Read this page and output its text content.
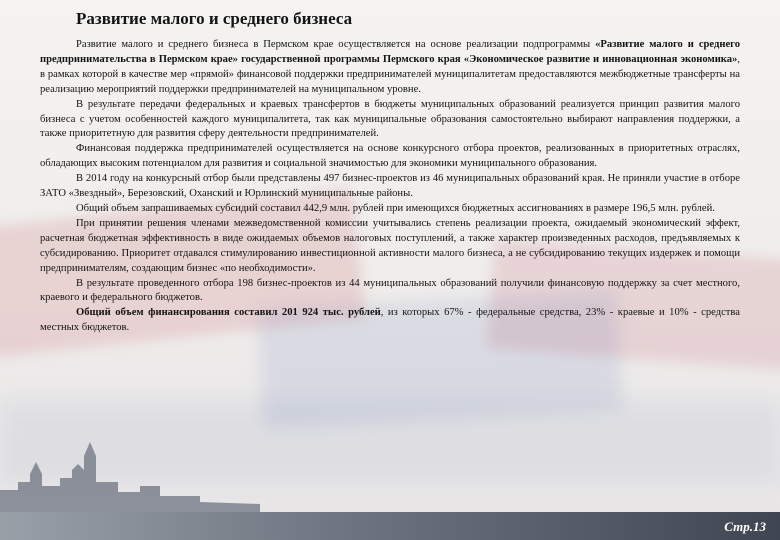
Развитие малого и среднего бизнеса

Развитие малого и среднего бизнеса в Пермском крае осуществляется на основе реализации подпрограммы «Развитие малого и среднего предпринимательства в Пермском крае» государственной программы Пермского края «Экономическое развитие и инновационная экономика», в рамках которой в качестве мер «прямой» финансовой поддержки предпринимателей муниципалитетам предоставляются межбюджетные трансферты на реализацию мероприятий поддержки предпринимателей на муниципальном уровне.

В результате передачи федеральных и краевых трансфертов в бюджеты муниципальных образований реализуется принцип развития малого бизнеса с учетом особенностей каждого муниципалитета, так как муниципальные образования самостоятельно выбирают направления поддержки, а также приоритетную для развития сферу деятельности предпринимателей.

Финансовая поддержка предпринимателей осуществляется на основе конкурсного отбора проектов, реализованных в приоритетных отраслях, обладающих высоким потенциалом для развития и социальной значимостью для экономики муниципального образования.

В 2014 году на конкурсный отбор были представлены 497 бизнес-проектов из 46 муниципальных образований края. Не приняли участие в отборе ЗАТО «Звездный», Березовский, Оханский и Юрлинский муниципальные районы.

Общий объем запрашиваемых субсидий составил 442,9 млн. рублей при имеющихся бюджетных ассигнованиях в размере 196,5 млн. рублей.

При принятии решения членами межведомственной комиссии учитывались степень реализации проекта, ожидаемый экономический эффект, расчетная бюджетная эффективность в виде ожидаемых объемов налоговых поступлений, а также характер произведенных расходов, предъявляемых к субсидированию. Приоритет отдавался стимулированию инвестиционной активности малого бизнеса, а не субсидированию текущих издержек и помощи предпринимателям, создающим бизнес «по необходимости».

В результате проведенного отбора 198 бизнес-проектов из 44 муниципальных образований получили финансовую поддержку за счет местного, краевого и федерального бюджетов.

Общий объем финансирования составил 201 924 тыс. рублей, из которых 67% - федеральные средства, 23% - краевые и 10% - средства местных бюджетов.

Стр.13
